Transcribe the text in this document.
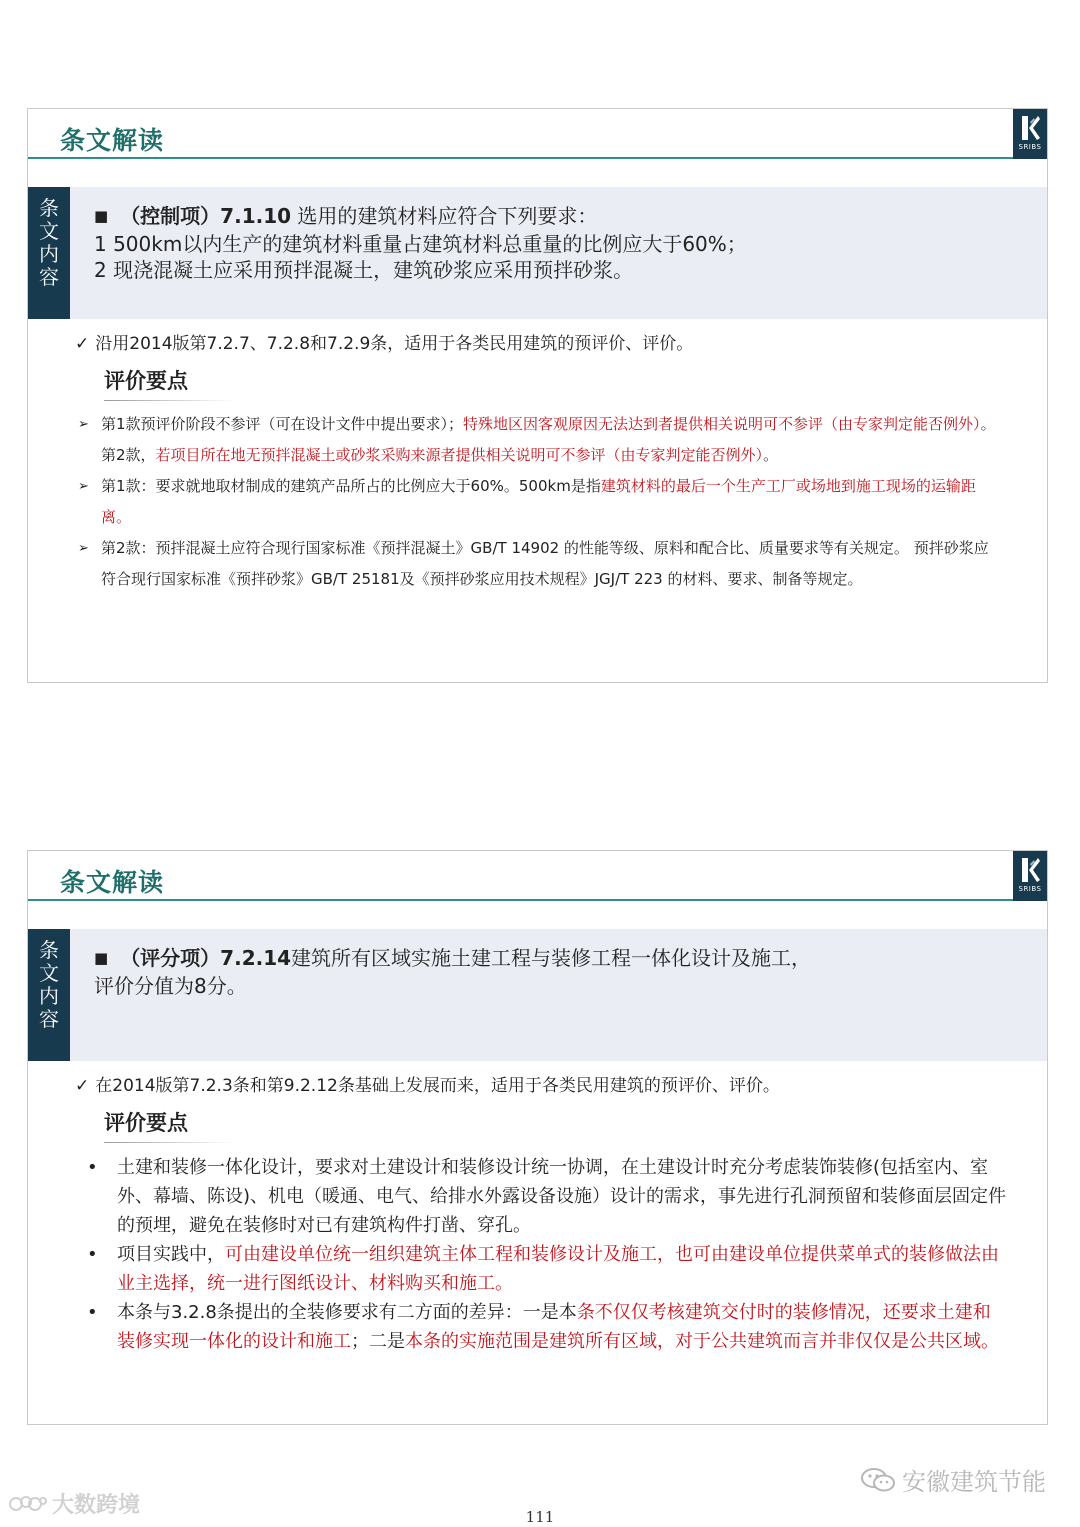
条文解读	SRIBS
条
文
内
容
■ （控制项）7.1.10 选用的建筑材料应符合下列要求：
1 500km以内生产的建筑材料重量占建筑材料总重量的比例应大于60%；
2 现浇混凝土应采用预拌混凝土，建筑砂浆应采用预拌砂浆。
✓ 沿用2014版第7.2.7、7.2.8和7.2.9条，适用于各类民用建筑的预评价、评价。
评价要点
➢ 第1款预评价阶段不参评（可在设计文件中提出要求）；特殊地区因客观原因无法达到者提供相关说明可不参评（由专家判定能否例外）。第2款，若项目所在地无预拌混凝土或砂浆采购来源者提供相关说明可不参评（由专家判定能否例外）。
➢ 第1款：要求就地取材制成的建筑产品所占的比例应大于60%。500km是指建筑材料的最后一个生产工厂或场地到施工现场的运输距离。
➢ 第2款：预拌混凝土应符合现行国家标准《预拌混凝土》GB/T 14902 的性能等级、原料和配合比、质量要求等有关规定。 预拌砂浆应符合现行国家标准《预拌砂浆》GB/T 25181及《预拌砂浆应用技术规程》JGJ/T 223 的材料、要求、制备等规定。
条文解读	SRIBS
条
文
内
容
■ （评分项）7.2.14建筑所有区域实施土建工程与装修工程一体化设计及施工，评价分值为8分。
✓ 在2014版第7.2.3条和第9.2.12条基础上发展而来，适用于各类民用建筑的预评价、评价。
评价要点
• 土建和装修一体化设计，要求对土建设计和装修设计统一协调，在土建设计时充分考虑装饰装修(包括室内、室外、幕墙、陈设)、机电（暖通、电气、给排水外露设备设施）设计的需求，事先进行孔洞预留和装修面层固定件的预埋，避免在装修时对已有建筑构件打凿、穿孔。
• 项目实践中，可由建设单位统一组织建筑主体工程和装修设计及施工，也可由建设单位提供菜单式的装修做法由业主选择，统一进行图纸设计、材料购买和施工。
• 本条与3.2.8条提出的全装修要求有二方面的差异：一是本条不仅仅考核建筑交付时的装修情况，还要求土建和装修实现一体化的设计和施工；二是本条的实施范围是建筑所有区域，对于公共建筑而言并非仅仅是公共区域。
安徽建筑节能
大数跨境	111
